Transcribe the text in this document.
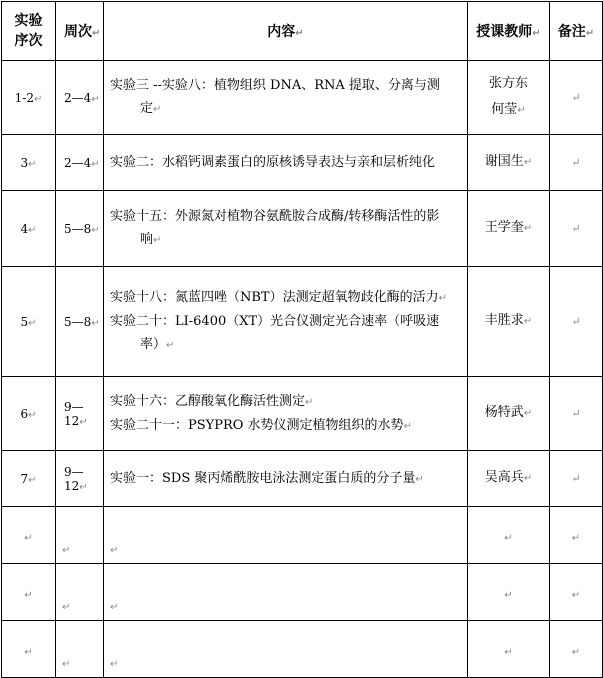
实验
序次	周次↵	内容↵	授课教师↵	备注↵
1-2↵	2—4↵	实验三 --实验八：植物组织 DNA、RNA 提取、分离与测
定↵	张方东
何莹↵	↵
3↵	2—4↵	实验二：水稻钙调素蛋白的原核诱导表达与亲和层析纯化	谢国生↵	↵
4↵	5—8↵	实验十五：外源氮对植物谷氨酰胺合成酶/转移酶活性的影
响↵	王学奎↵	↵
5↵	5—8↵	实验十八：氮蓝四唑（NBT）法测定超氧物歧化酶的活力↵
实验二十：LI-6400（XT）光合仪测定光合速率（呼吸速
率）↵	丰胜求↵	↵
6↵	9—12↵	实验十六：乙醇酸氧化酶活性测定↵
实验二十一：PSYPRO 水势仪测定植物组织的水势↵	杨特武↵	↵
7↵	9—12↵	实验一：SDS 聚丙烯酰胺电泳法测定蛋白质的分子量↵	吴高兵↵	↵
↵	↵	↵	↵	↵
↵	↵	↵	↵	↵
↵	↵	↵	↵	↵
